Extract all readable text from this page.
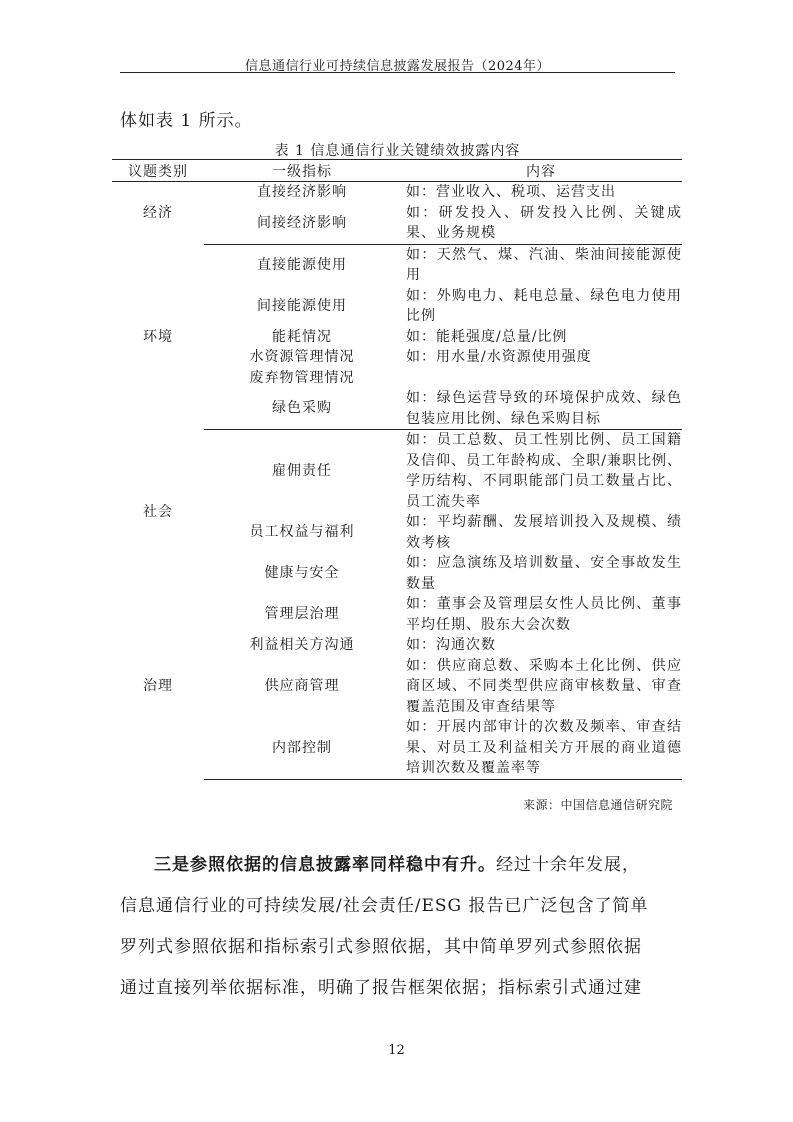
信息通信行业可持续信息披露发展报告（2024年）
体如表 1 所示。
表 1 信息通信行业关键绩效披露内容
议题类别	一级指标	内容
经济	直接经济影响	如：营业收入、税项、运营支出
	间接经济影响	如：研发投入、研发投入比例、关键成果、业务规模
环境	直接能源使用	如：天然气、煤、汽油、柴油间接能源使用
	间接能源使用	如：外购电力、耗电总量、绿色电力使用比例
	能耗情况	如：能耗强度/总量/比例
	水资源管理情况	如：用水量/水资源使用强度
	废弃物管理情况	
	绿色采购	如：绿色运营导致的环境保护成效、绿色包装应用比例、绿色采购目标
社会	雇佣责任	如：员工总数、员工性别比例、员工国籍及信仰、员工年龄构成、全职/兼职比例、学历结构、不同职能部门员工数量占比、员工流失率
	员工权益与福利	如：平均薪酬、发展培训投入及规模、绩效考核
	健康与安全	如：应急演练及培训数量、安全事故发生数量
治理	管理层治理	如：董事会及管理层女性人员比例、董事平均任期、股东大会次数
	利益相关方沟通	如：沟通次数
	供应商管理	如：供应商总数、采购本土化比例、供应商区域、不同类型供应商审核数量、审查覆盖范围及审查结果等
	内部控制	如：开展内部审计的次数及频率、审查结果、对员工及利益相关方开展的商业道德培训次数及覆盖率等
来源：中国信息通信研究院

三是参照依据的信息披露率同样稳中有升。经过十余年发展，

信息通信行业的可持续发展/社会责任/ESG 报告已广泛包含了简单

罗列式参照依据和指标索引式参照依据，其中简单罗列式参照依据

通过直接列举依据标准，明确了报告框架依据；指标索引式通过建

12
